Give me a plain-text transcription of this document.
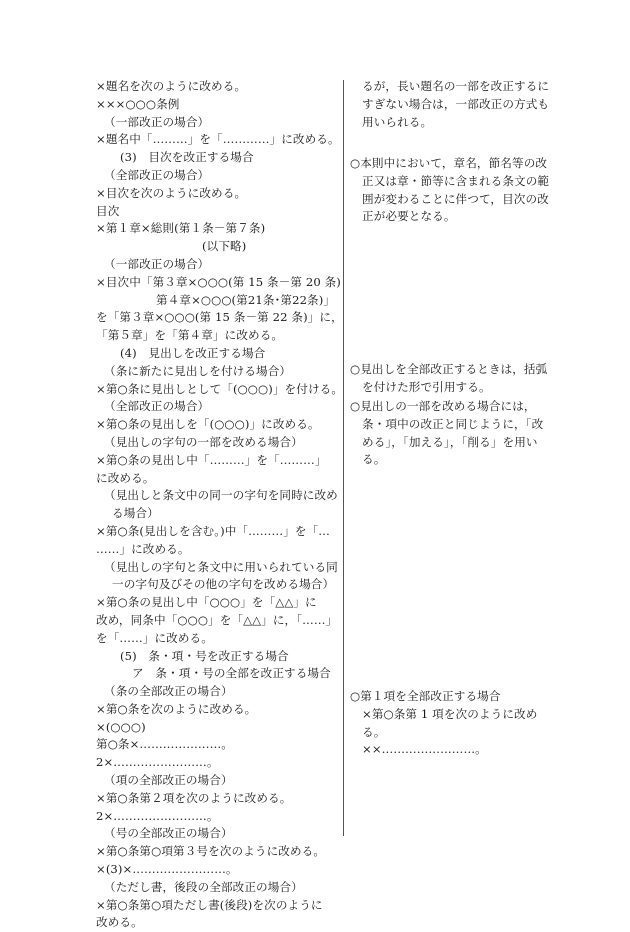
×題名を次のように改める。
×××○○○条例
（一部改正の場合）
×題名中「………」を「…………」に改める。
(3)　目次を改正する場合
（全部改正の場合）
×目次を次のように改める。
目次
×第１章×総則(第１条－第７条)
(以下略)
（一部改正の場合）
×目次中「第３章×○○○(第 15 条－第 20 条)
第４章×○○○(第21条･第22条)」
を「第３章×○○○(第 15 条－第 22 条)」に，
「第５章」を「第４章」に改める。
(4)　見出しを改正する場合
（条に新たに見出しを付ける場合）
×第○条に見出しとして「(○○○)」を付ける。
（全部改正の場合）
×第○条の見出しを「(○○○)」に改める。
（見出しの字句の一部を改める場合）
×第○条の見出し中「………」を「………」
に改める。
（見出しと条文中の同一の字句を同時に改め
る場合）
×第○条(見出しを含む。)中「………」を「…
……」に改める。
（見出しの字句と条文中に用いられている同
一の字句及びその他の字句を改める場合）
×第○条の見出し中「○○○」を「△△」に
改め，同条中「○○○」を「△△」に，「……」
を「……」に改める。
(5)　条・項・号を改正する場合
ア　条・項・号の全部を改正する場合
（条の全部改正の場合）
×第○条を次のように改める。
×(○○○)
第○条×…………………。
2×……………………。
（項の全部改正の場合）
×第○条第２項を次のように改める。
2×……………………。
（号の全部改正の場合）
×第○条第○項第３号を次のように改める。
×(3)×……………………。
（ただし書，後段の全部改正の場合）
×第○条第○項ただし書(後段)を次のように
改める。
るが，長い題名の一部を改正するに
すぎない場合は，一部改正の方式も
用いられる。
○本則中において，章名，節名等の改
正又は章・節等に含まれる条文の範
囲が変わることに伴つて，目次の改
正が必要となる。
○見出しを全部改正するときは，括弧
を付けた形で引用する。
○見出しの一部を改める場合には，
条・項中の改正と同じように，「改
める」，「加える」，「削る」を用い
る。
○第１項を全部改正する場合
×第○条第 1 項を次のように改め
る。
××……………………。
